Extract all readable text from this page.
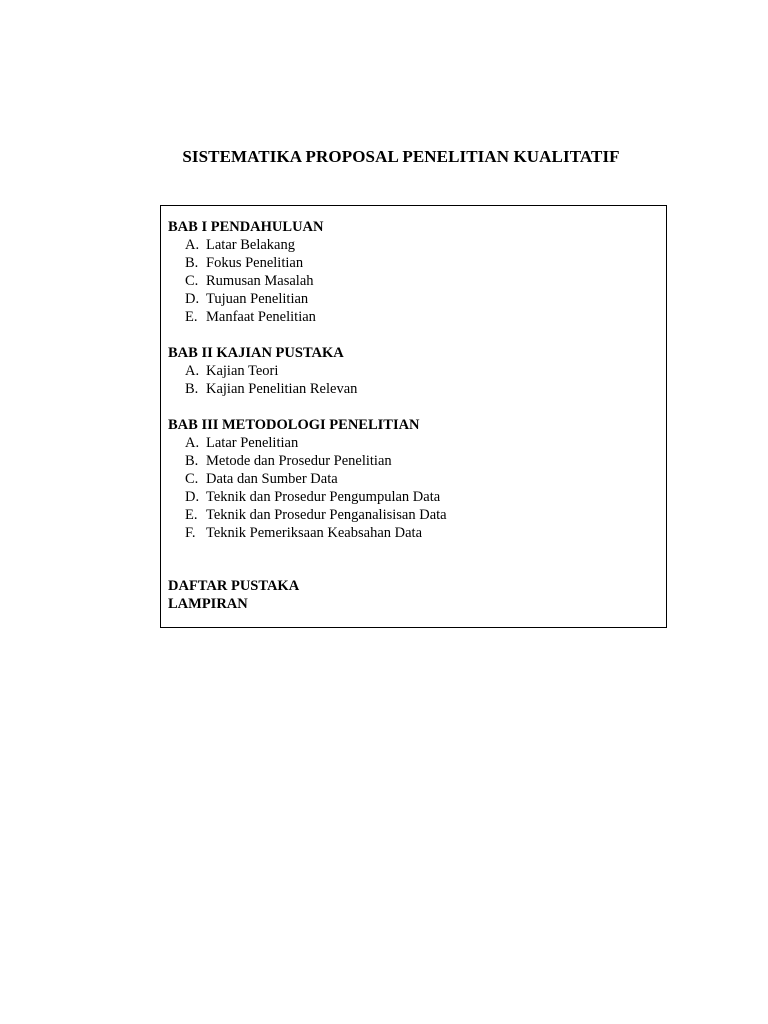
SISTEMATIKA PROPOSAL PENELITIAN KUALITATIF
BAB I PENDAHULUAN
A. Latar Belakang
B. Fokus Penelitian
C. Rumusan Masalah
D. Tujuan Penelitian
E. Manfaat Penelitian
BAB II KAJIAN PUSTAKA
A. Kajian Teori
B. Kajian Penelitian Relevan
BAB III METODOLOGI PENELITIAN
A. Latar Penelitian
B. Metode dan Prosedur Penelitian
C. Data dan Sumber Data
D. Teknik dan Prosedur Pengumpulan Data
E. Teknik dan Prosedur Penganalisisan Data
F. Teknik Pemeriksaan Keabsahan Data
DAFTAR PUSTAKA
LAMPIRAN
